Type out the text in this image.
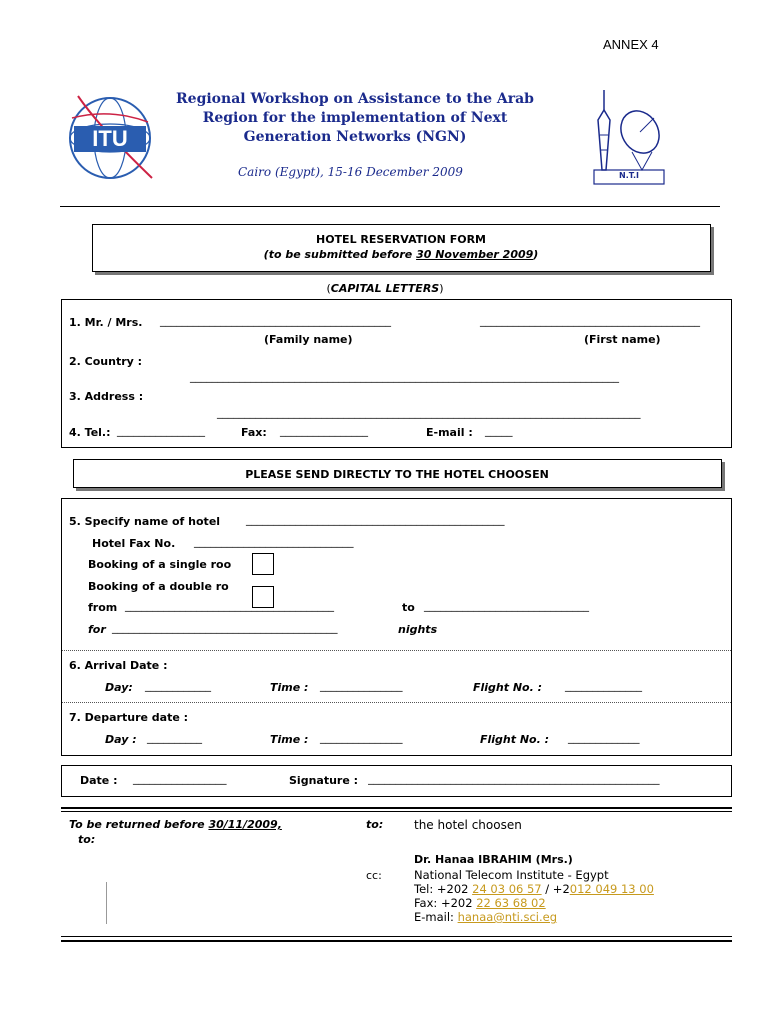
ANNEX 4
ITU
Regional Workshop on Assistance to the Arab Region for the implementation of Next Generation Networks (NGN)
Cairo (Egypt), 15-16 December 2009	N.T.I
HOTEL RESERVATION FORM
(to be submitted before 30 November 2009)
(CAPITAL LETTERS)
1. Mr. / Mrs. __________________________________________	________________________________________
(Family name)	(First name)
2. Country :
______________________________________________________________________________
3. Address :
_____________________________________________________________________________
4. Tel.: ________________	Fax: ________________	E-mail : _____
PLEASE SEND DIRECTLY TO THE HOTEL CHOOSEN
5. Specify name of hotel _______________________________________________
Hotel Fax No. _____________________________
Booking of a single roo
Booking of a double ro
from ______________________________________	to ______________________________
for _________________________________________	nights
6. Arrival Date :
Day: ____________	Time : _______________	Flight No. : ______________
7. Departure date :
Day : __________	Time : _______________	Flight No. : _____________
Date : _________________	Signature : _____________________________________________________
To be returned before 30/11/2009,
to:
to:	the hotel choosen
Dr. Hanaa IBRAHIM (Mrs.)
cc:	National Telecom Institute - Egypt
Tel: +202 24 03 06 57 / +2012 049 13 00
Fax: +202 22 63 68 02
E-mail: hanaa@nti.sci.eg
